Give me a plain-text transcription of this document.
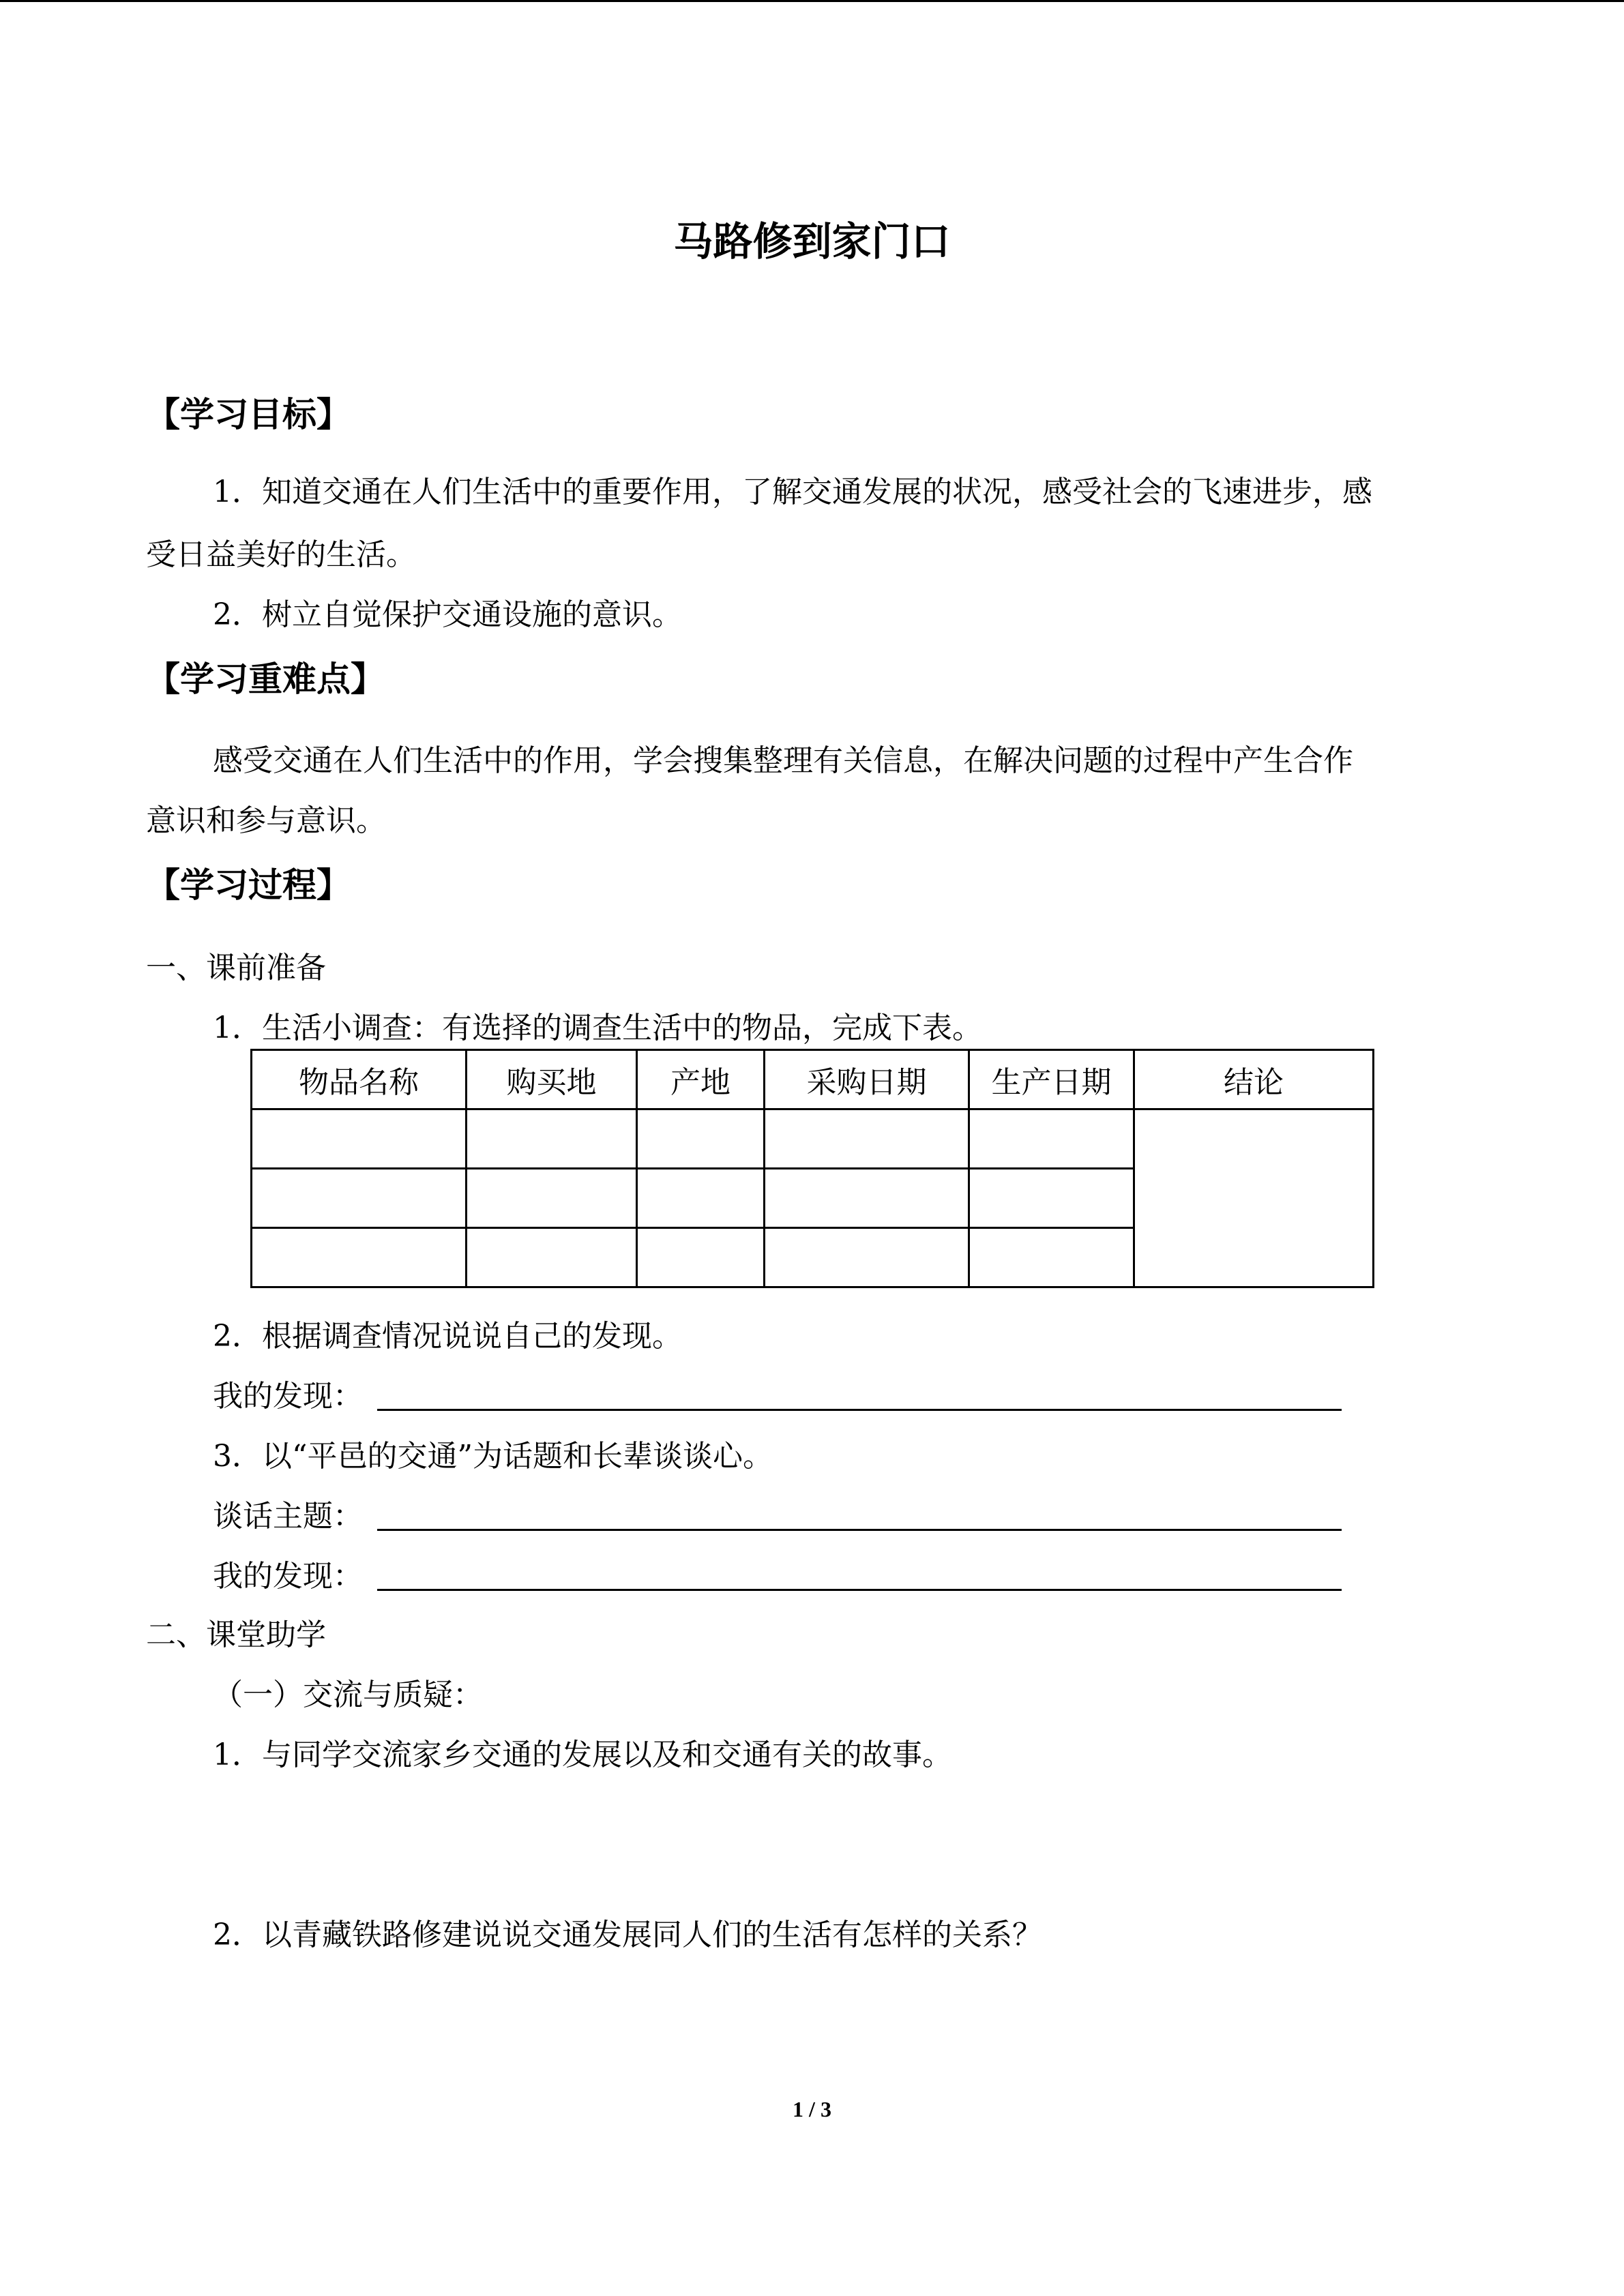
马路修到家门口
【学习目标】
1．知道交通在人们生活中的重要作用，了解交通发展的状况，感受社会的飞速进步，感
受日益美好的生活。
2．树立自觉保护交通设施的意识。
【学习重难点】
感受交通在人们生活中的作用，学会搜集整理有关信息，在解决问题的过程中产生合作
意识和参与意识。
【学习过程】
一、课前准备
1．生活小调查：有选择的调查生活中的物品，完成下表。
物品名称	购买地	产地	采购日期	生产日期	结论

2．根据调查情况说说自己的发现。
我的发现：
3．以“平邑的交通”为话题和长辈谈谈心。
谈话主题：
我的发现：
二、课堂助学
（一）交流与质疑：
1．与同学交流家乡交通的发展以及和交通有关的故事。
2．以青藏铁路修建说说交通发展同人们的生活有怎样的关系？
1 / 3
